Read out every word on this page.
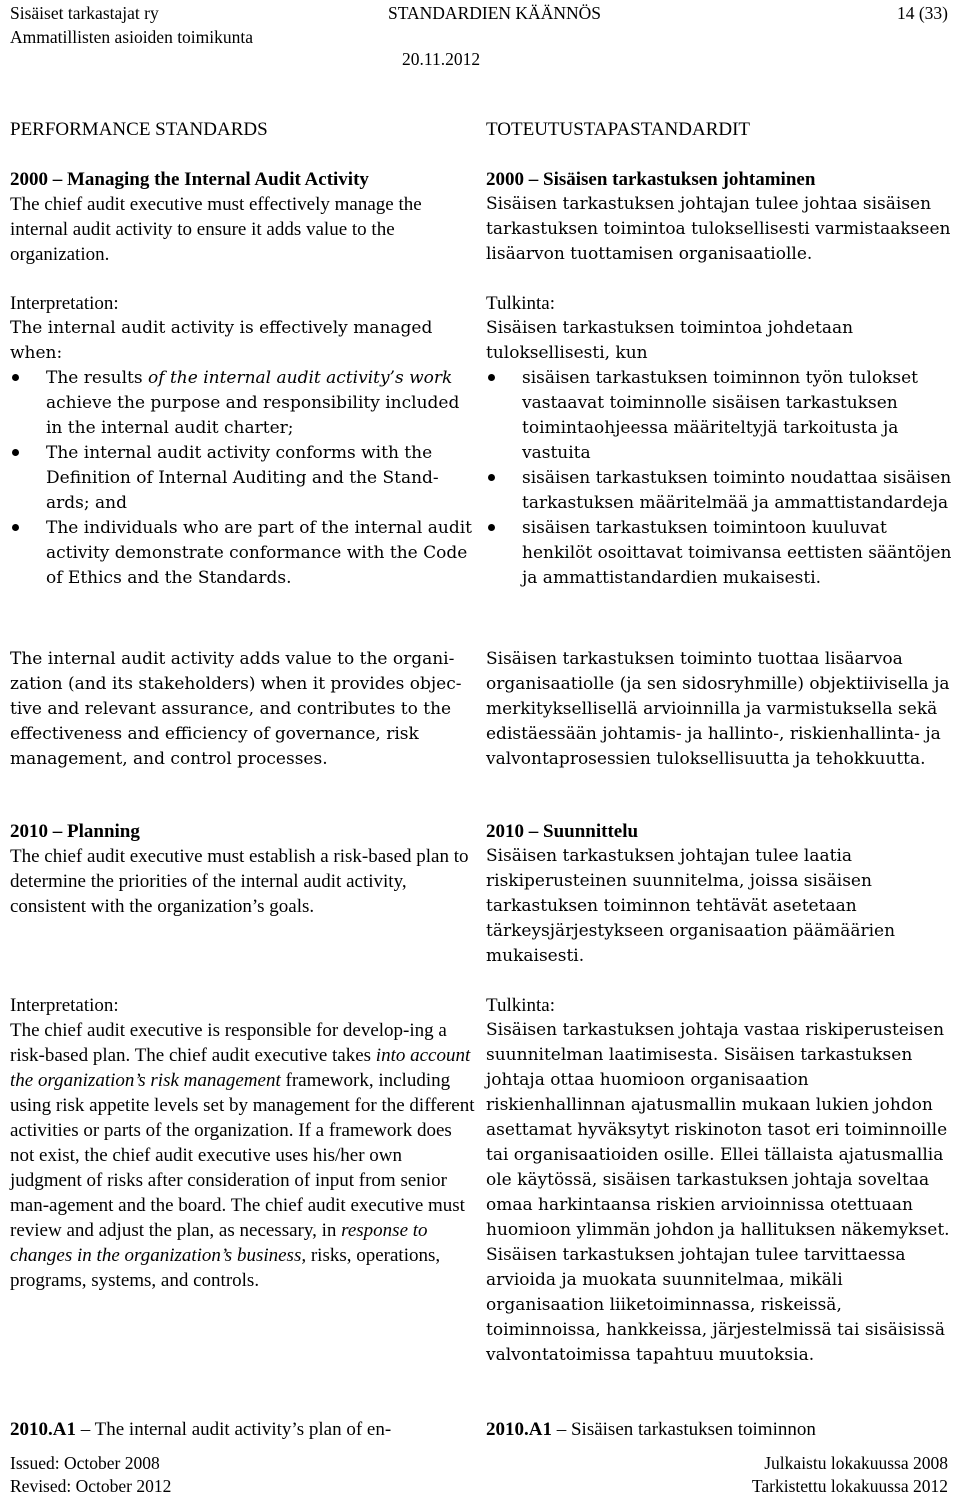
Sisäiset tarkastajat ry
Ammatillisten asioiden toimikunta
STANDARDIEN KÄÄNNÖS
20.11.2012
14 (33)
PERFORMANCE STANDARDS

2000 – Managing the Internal Audit Activity

The chief audit executive must effectively manage the internal audit activity to ensure it adds value to the organization.

Interpretation:

The internal audit activity is effectively managed when:

The results of the internal audit activity’s work achieve the purpose and responsibility included in the internal audit charter;
The internal audit activity conforms with the Definition of Internal Auditing and the Stand-ards; and
The individuals who are part of the internal audit activity demonstrate conformance with the Code of Ethics and the Standards.
The internal audit activity adds value to the organi-zation (and its stakeholders) when it provides objec-tive and relevant assurance, and contributes to the effectiveness and efficiency of governance, risk management, and control processes.

2010 – Planning

The chief audit executive must establish a risk-based plan to determine the priorities of the internal audit activity, consistent with the organization’s goals.

Interpretation:

The chief audit executive is responsible for develop-ing a risk-based plan. The chief audit executive takes into account the organization’s risk management framework, including using risk appetite levels set by management for the different activities or parts of the organization. If a framework does not exist, the chief audit executive uses his/her own judgment of risks after consideration of input from senior man-agement and the board. The chief audit executive must review and adjust the plan, as necessary, in response to changes in the organization’s business, risks, operations, programs, systems, and controls.

2010.A1 – The internal audit activity’s plan of en-
TOTEUTUSTAPASTANDARDIT

2000 – Sisäisen tarkastuksen johtaminen

Sisäisen tarkastuksen johtajan tulee johtaa sisäisen tarkastuksen toimintoa tuloksellisesti varmistaakseen lisäarvon tuottamisen organisaatiolle.

Tulkinta:

Sisäisen tarkastuksen toimintoa johdetaan tuloksellisesti, kun

sisäisen tarkastuksen toiminnon työn tulokset vastaavat toiminnolle sisäisen tarkastuksen toimintaohjeessa määriteltyjä tarkoitusta ja vastuita
sisäisen tarkastuksen toiminto noudattaa sisäisen tarkastuksen määritelmää ja ammattistandardeja
sisäisen tarkastuksen toimintoon kuuluvat henkilöt osoittavat toimivansa eettisten sääntöjen ja ammattistandardien mukaisesti.
Sisäisen tarkastuksen toiminto tuottaa lisäarvoa organisaatiolle (ja sen sidosryhmille) objektiivisella ja merkityksellisellä arvioinnilla ja varmistuksella sekä edistäessään johtamis- ja hallinto-, riskienhallinta- ja valvontaprosessien tuloksellisuutta ja tehokkuutta.

2010 – Suunnittelu

Sisäisen tarkastuksen johtajan tulee laatia riskiperusteinen suunnitelma, joissa sisäisen tarkastuksen toiminnon tehtävät asetetaan tärkeysjärjestykseen organisaation päämäärien mukaisesti.

Tulkinta:

Sisäisen tarkastuksen johtaja vastaa riskiperusteisen suunnitelman laatimisesta. Sisäisen tarkastuksen johtaja ottaa huomioon organisaation riskienhallinnan ajatusmallin mukaan lukien johdon asettamat hyväksytyt riskinoton tasot eri toiminnoille tai organisaatioiden osille. Ellei tällaista ajatusmallia ole käytössä, sisäisen tarkastuksen johtaja soveltaa omaa harkintaansa riskien arvioinnissa otettuaan huomioon ylimmän johdon ja hallituksen näkemykset. Sisäisen tarkastuksen johtajan tulee tarvittaessa arvioida ja muokata suunnitelmaa, mikäli organisaation liiketoiminnassa, riskeissä, toiminnoissa, hankkeissa, järjestelmissä tai sisäisissä valvontatoimissa tapahtuu muutoksia.

2010.A1 – Sisäisen tarkastuksen toiminnon
Issued: October 2008
Revised: October 2012
Julkaistu lokakuussa 2008
Tarkistettu lokakuussa 2012
